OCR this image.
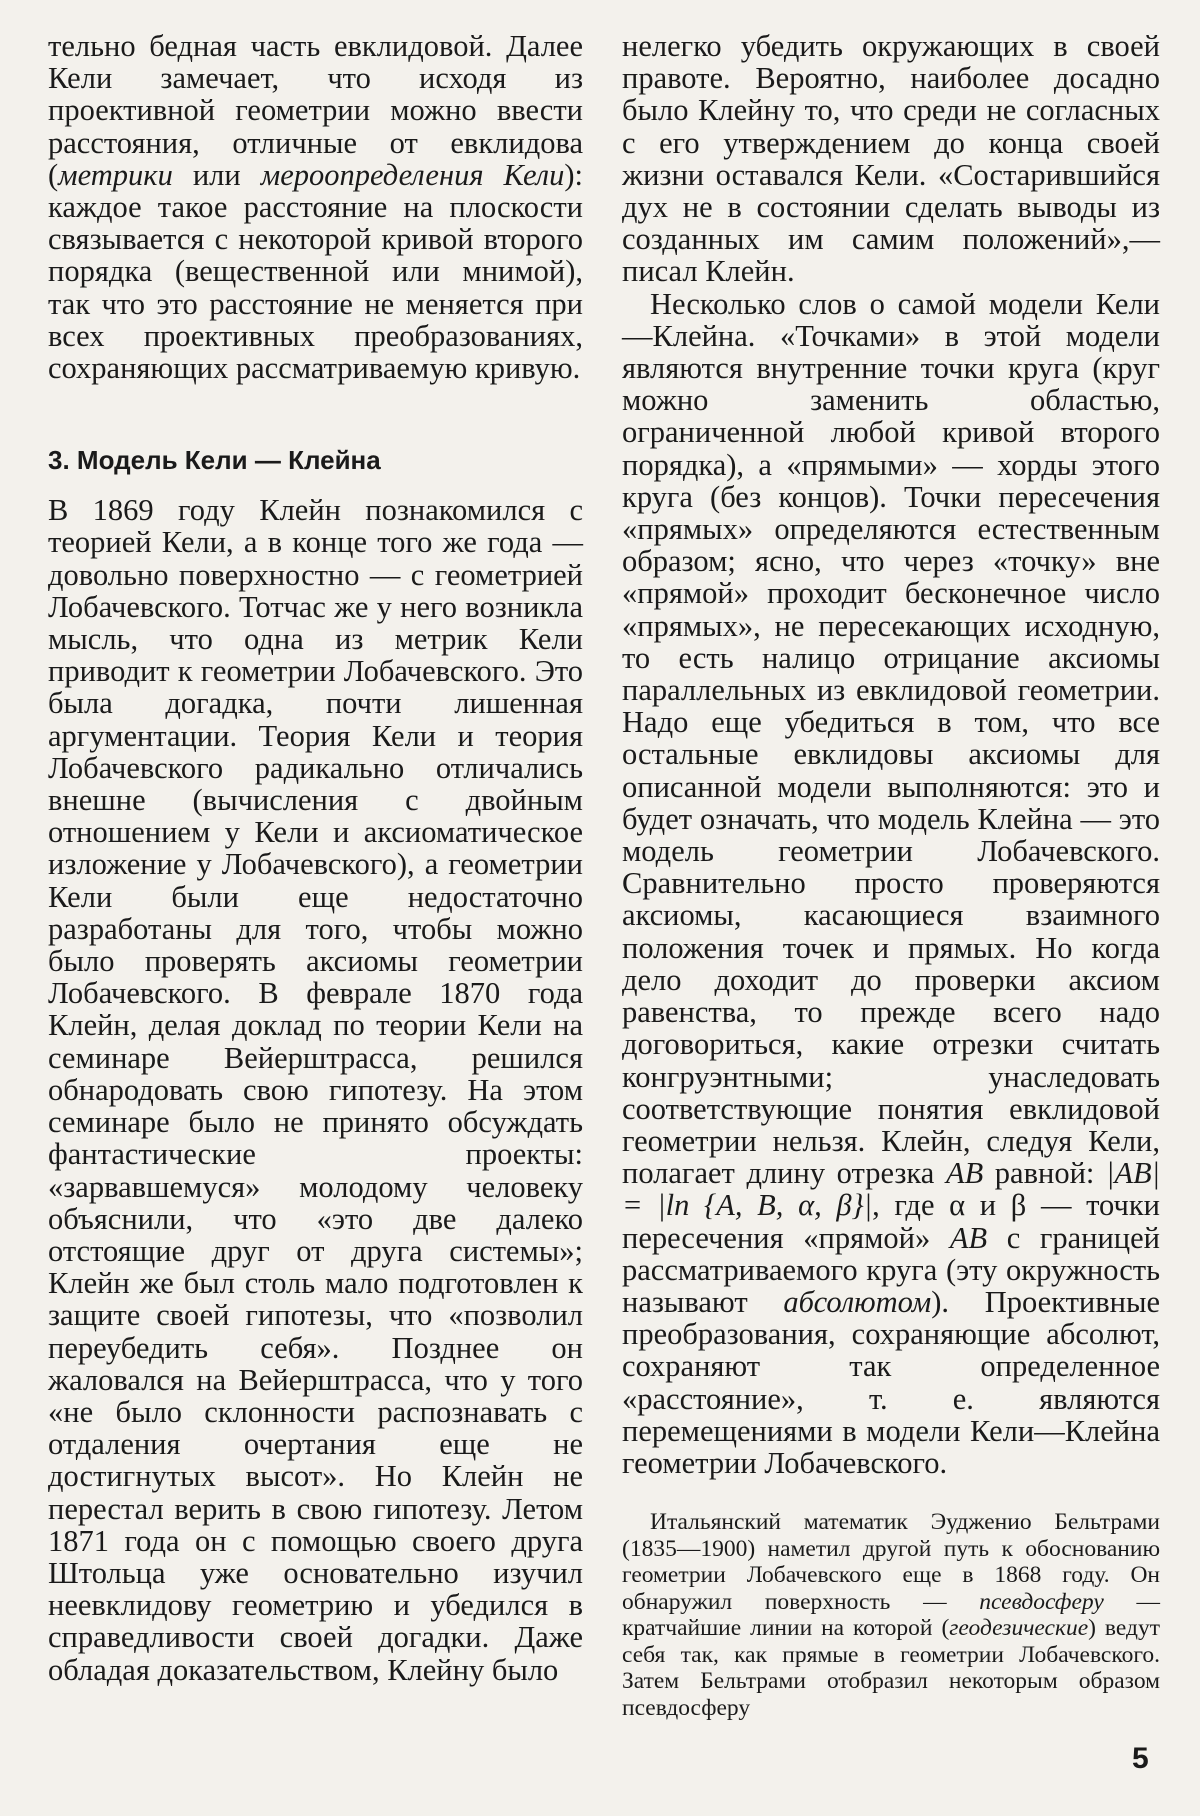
тельно бедная часть евклидовой. Далее Кели замечает, что исходя из проективной геометрии можно ввести расстояния, отличные от евклидова (метрики или мероопределения Кели): каждое такое расстояние на плоскости связывается с некоторой кривой второго порядка (вещественной или мнимой), так что это расстояние не меняется при всех проективных преобразованиях, сохраняющих рассматриваемую кривую.

3. Модель Кели — Клейна

В 1869 году Клейн познакомился с теорией Кели, а в конце того же года — довольно поверхностно — с геометрией Лобачевского. Тотчас же у него возникла мысль, что одна из метрик Кели приводит к геометрии Лобачевского. Это была догадка, почти лишенная аргументации. Теория Кели и теория Лобачевского радикально отличались внешне (вычисления с двойным отношением у Кели и аксиоматическое изложение у Лобачевского), а геометрии Кели были еще недостаточно разработаны для того, чтобы можно было проверять аксиомы геометрии Лобачевского. В феврале 1870 года Клейн, делая доклад по теории Кели на семинаре Вейерштрасса, решился обнародовать свою гипотезу. На этом семинаре было не принято обсуждать фантастические проекты: «зарвавшемуся» молодому человеку объяснили, что «это две далеко отстоящие друг от друга системы»; Клейн же был столь мало подготовлен к защите своей гипотезы, что «позволил переубедить себя». Позднее он жаловался на Вейерштрасса, что у того «не было склонности распознавать с отдаления очертания еще не достигнутых высот». Но Клейн не перестал верить в свою гипотезу. Летом 1871 года он с помощью своего друга Штольца уже основательно изучил неевклидову геометрию и убедился в справедливости своей догадки. Даже обладая доказательством, Клейну было

нелегко убедить окружающих в своей правоте. Вероятно, наиболее досадно было Клейну то, что среди не согласных с его утверждением до конца своей жизни оставался Кели. «Состарившийся дух не в состоянии сделать выводы из созданных им самим положений»,— писал Клейн.

Несколько слов о самой модели Кели—Клейна. «Точками» в этой модели являются внутренние точки круга (круг можно заменить областью, ограниченной любой кривой второго порядка), а «прямыми» — хорды этого круга (без концов). Точки пересечения «прямых» определяются естественным образом; ясно, что через «точку» вне «прямой» проходит бесконечное число «прямых», не пересекающих исходную, то есть налицо отрицание аксиомы параллельных из евклидовой геометрии. Надо еще убедиться в том, что все остальные евклидовы аксиомы для описанной модели выполняются: это и будет означать, что модель Клейна — это модель геометрии Лобачевского. Сравнительно просто проверяются аксиомы, касающиеся взаимного положения точек и прямых. Но когда дело доходит до проверки аксиом равенства, то прежде всего надо договориться, какие отрезки считать конгруэнтными; унаследовать соответствующие понятия евклидовой геометрии нельзя. Клейн, следуя Кели, полагает длину отрезка AB равной: |AB| = |ln {A, B, α, β}|, где α и β — точки пересечения «прямой» AB с границей рассматриваемого круга (эту окружность называют абсолютом). Проективные преобразования, сохраняющие абсолют, сохраняют так определенное «расстояние», т. е. являются перемещениями в модели Кели—Клейна геометрии Лобачевского.

Итальянский математик Эудженио Бельтрами (1835—1900) наметил другой путь к обоснованию геометрии Лобачевского еще в 1868 году. Он обнаружил поверхность — псевдосферу — кратчайшие линии на которой (геодезические) ведут себя так, как прямые в геометрии Лобачевского. Затем Бельтрами отобразил некоторым образом псевдосферу
5
